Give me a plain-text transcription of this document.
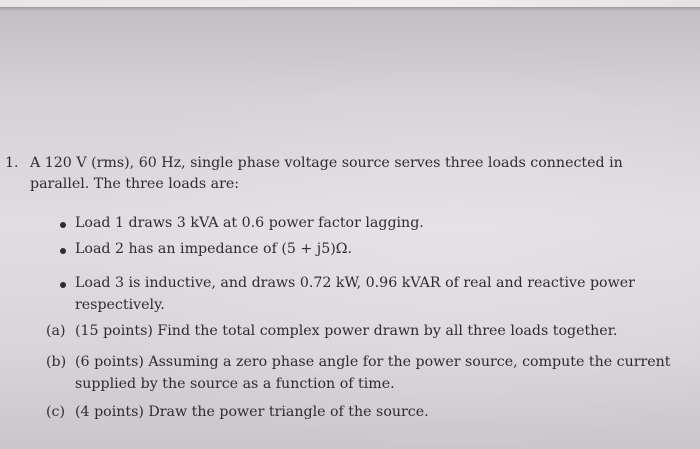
1. A 120 V (rms), 60 Hz, single phase voltage source serves three loads connected in
parallel. The three loads are:
Load 1 draws 3 kVA at 0.6 power factor lagging.
Load 2 has an impedance of (5 + j5)Ω.
Load 3 is inductive, and draws 0.72 kW, 0.96 kVAR of real and reactive power
respectively.
(a) (15 points) Find the total complex power drawn by all three loads together.
(b) (6 points) Assuming a zero phase angle for the power source, compute the current
supplied by the source as a function of time.
(c) (4 points) Draw the power triangle of the source.
